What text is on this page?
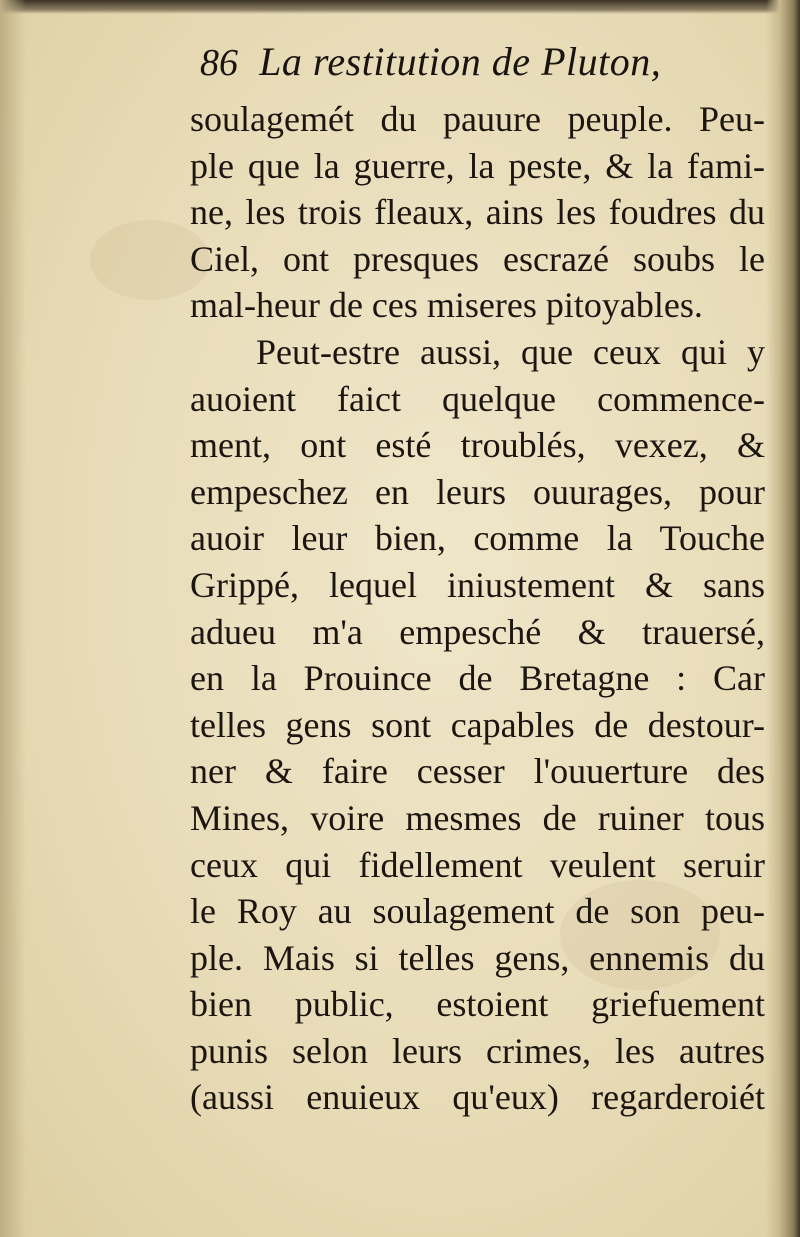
86 La restitution de Pluton,
soulagemét du pauure peuple. Peu-
ple que la guerre, la peste, & la fami-
ne, les trois fleaux, ains les foudres du
Ciel, ont presques escrazé soubs le
mal-heur de ces miseres pitoyables.
Peut-estre aussi, que ceux qui y
auoient faict quelque commence-
ment, ont esté troublés, vexez, &
empeschez en leurs ouurages, pour
auoir leur bien, comme la Touche
Grippé, lequel iniustement & sans
adueu m'a empesché & trauersé,
en la Prouince de Bretagne : Car
telles gens sont capables de destour-
ner & faire cesser l'ouuerture des
Mines, voire mesmes de ruiner tous
ceux qui fidellement veulent seruir
le Roy au soulagement de son peu-
ple. Mais si telles gens, ennemis du
bien public, estoient griefuement
punis selon leurs crimes, les autres
(aussi enuieux qu'eux) regarderoiét
